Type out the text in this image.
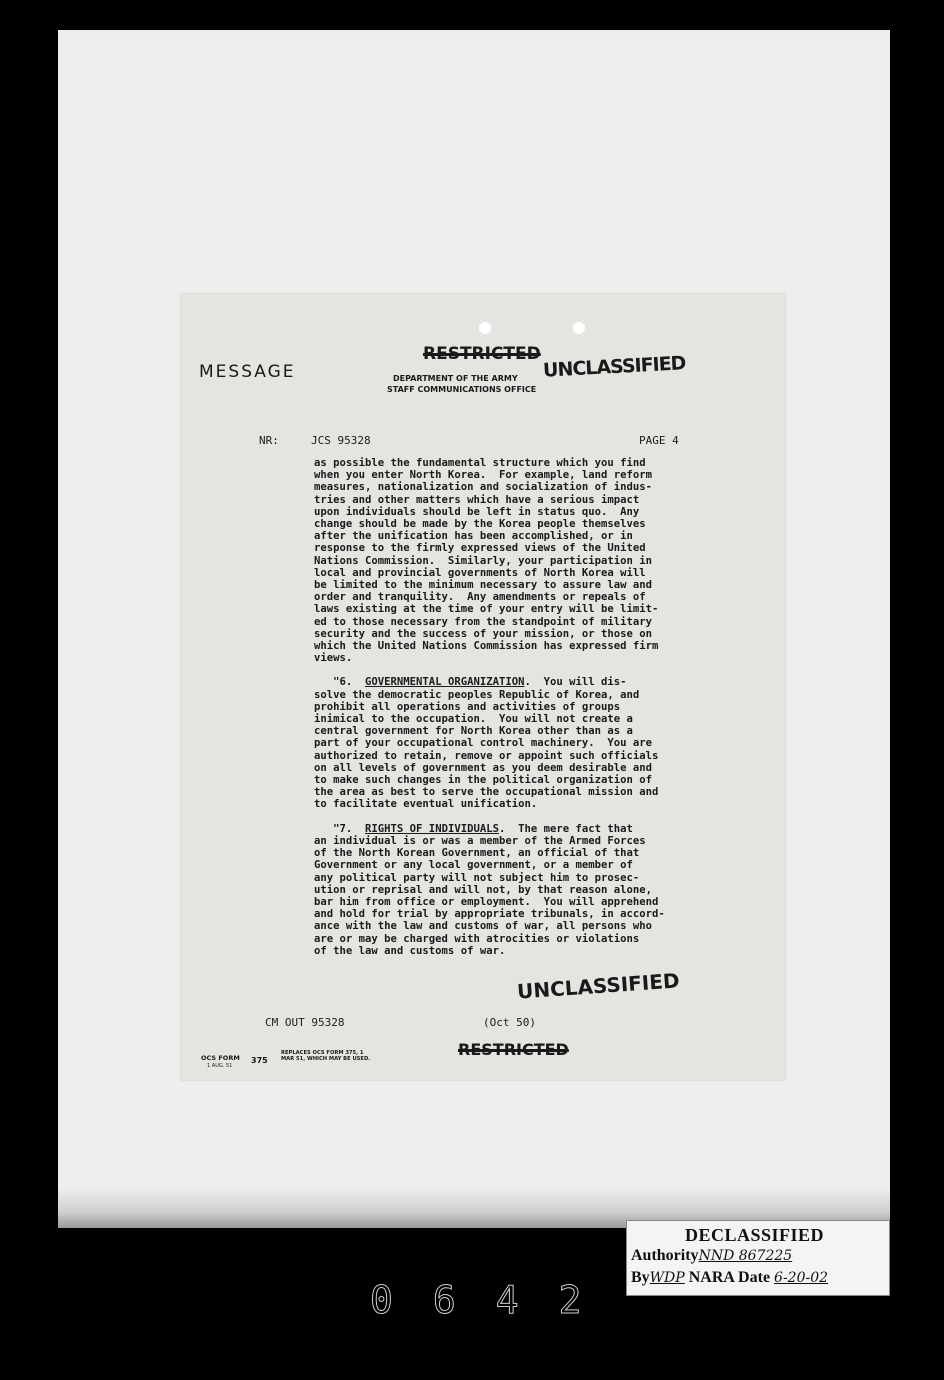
MESSAGE
RESTRICTED
DEPARTMENT OF THE ARMY
STAFF COMMUNICATIONS OFFICE
UNCLASSIFIED
NR:	JCS 95328	PAGE 4
as possible the fundamental structure which you find
when you enter North Korea.  For example, land reform
measures, nationalization and socialization of indus-
tries and other matters which have a serious impact
upon individuals should be left in status quo.  Any
change should be made by the Korea people themselves
after the unification has been accomplished, or in
response to the firmly expressed views of the United
Nations Commission.  Similarly, your participation in
local and provincial governments of North Korea will
be limited to the minimum necessary to assure law and
order and tranquility.  Any amendments or repeals of
laws existing at the time of your entry will be limit-
ed to those necessary from the standpoint of military
security and the success of your mission, or those on
which the United Nations Commission has expressed firm
views.
"6.  GOVERNMENTAL ORGANIZATION.  You will dis-
solve the democratic peoples Republic of Korea, and
prohibit all operations and activities of groups
inimical to the occupation.  You will not create a
central government for North Korea other than as a
part of your occupational control machinery.  You are
authorized to retain, remove or appoint such officials
on all levels of government as you deem desirable and
to make such changes in the political organization of
the area as best to serve the occupational mission and
to facilitate eventual unification.
"7.  RIGHTS OF INDIVIDUALS.  The mere fact that
an individual is or was a member of the Armed Forces
of the North Korean Government, an official of that
Government or any local government, or a member of
any political party will not subject him to prosec-
ution or reprisal and will not, by that reason alone,
bar him from office or employment.  You will apprehend
and hold for trial by appropriate tribunals, in accord-
ance with the law and customs of war, all persons who
are or may be charged with atrocities or violations
of the law and customs of war.
UNCLASSIFIED
CM OUT 95328	(Oct 50)
RESTRICTED
OCS FORM
1 AUG. 51
375
REPLACES OCS FORM 375, 1 MAR 51, WHICH MAY BE USED.
DECLASSIFIED
AuthorityNND 867225
ByWDP NARA Date 6-20-02
0642
